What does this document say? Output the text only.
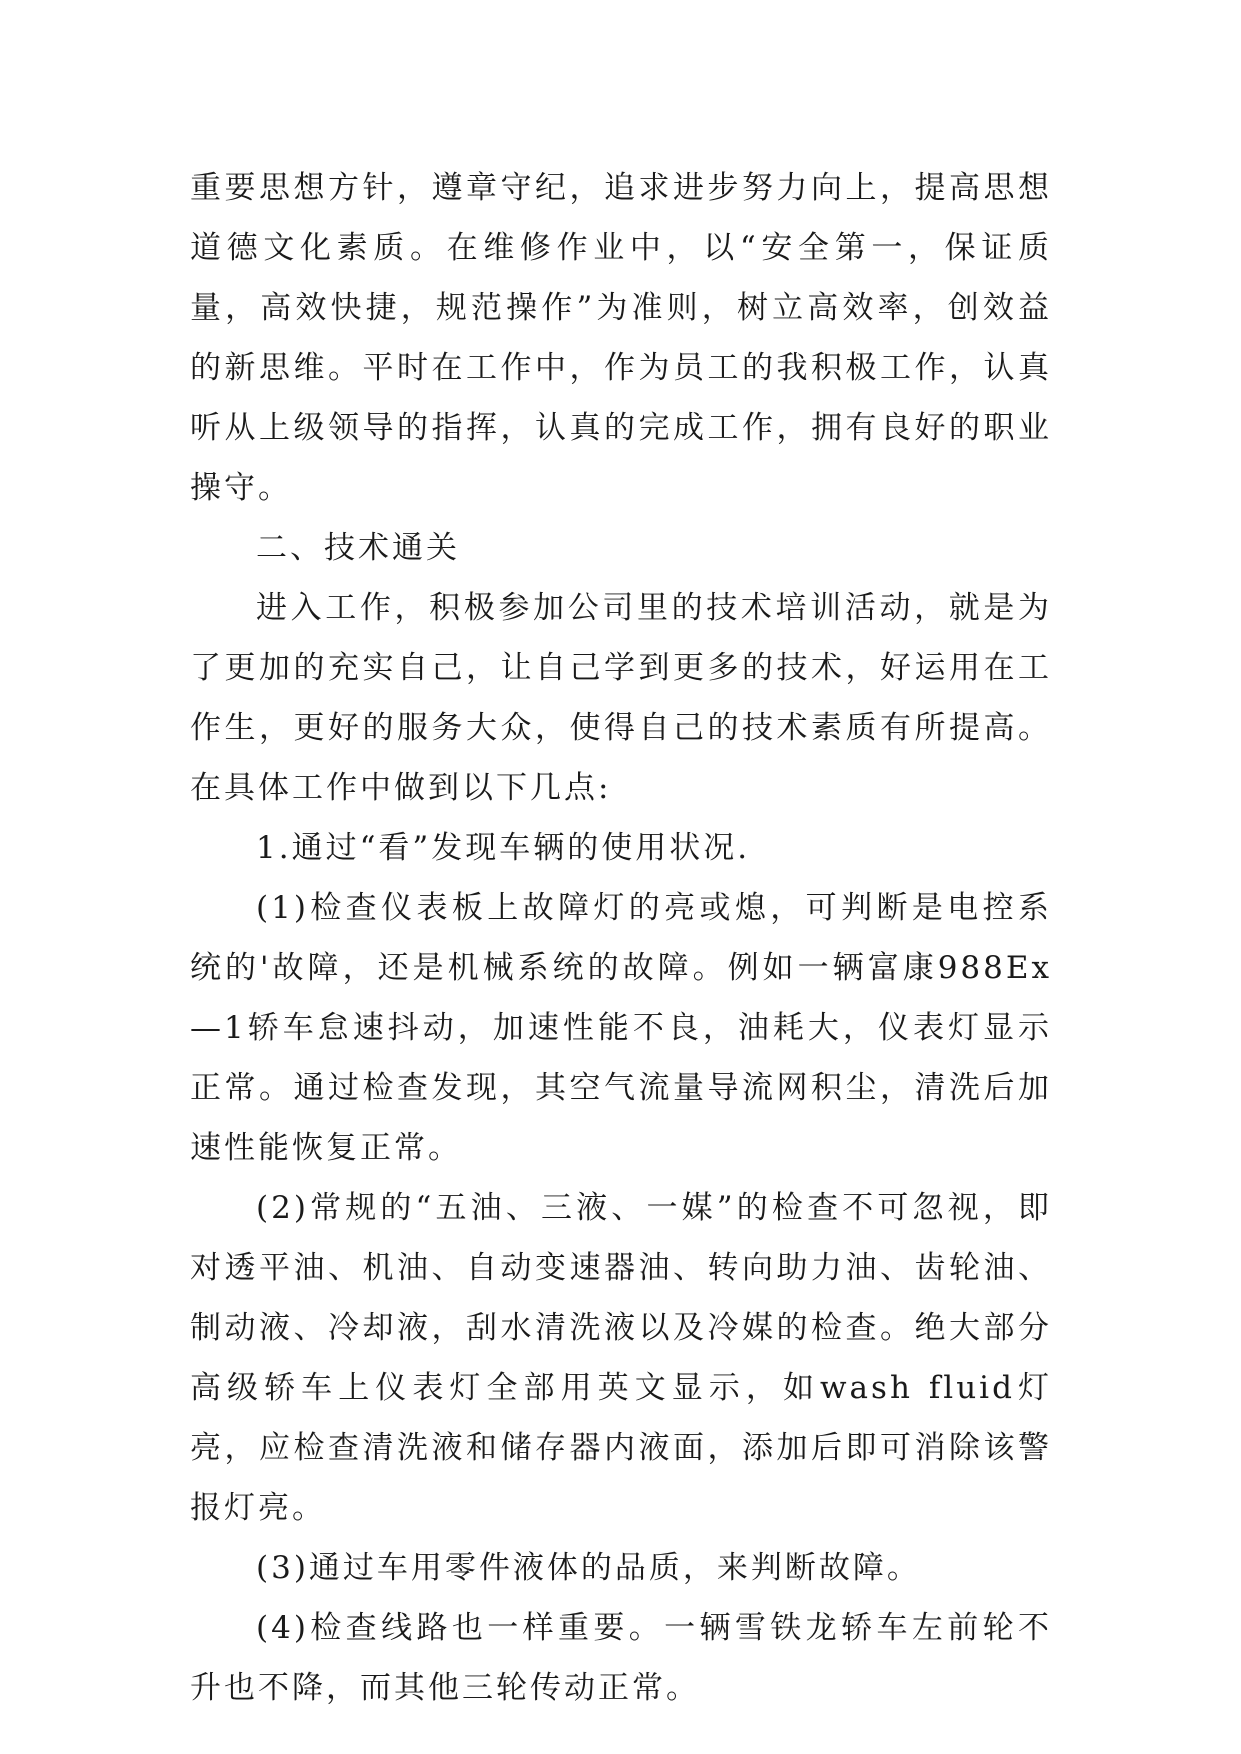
重要思想方针，遵章守纪，追求进步努力向上，提高思想道德文化素质。在维修作业中，以“安全第一，保证质量，高效快捷，规范操作”为准则，树立高效率，创效益的新思维。平时在工作中，作为员工的我积极工作，认真听从上级领导的指挥，认真的完成工作，拥有良好的职业操守。

二、技术通关

进入工作，积极参加公司里的技术培训活动，就是为了更加的充实自己，让自己学到更多的技术，好运用在工作生，更好的服务大众，使得自己的技术素质有所提高。在具体工作中做到以下几点:

1.通过“看”发现车辆的使用状况.

(1)检查仪表板上故障灯的亮或熄，可判断是电控系统的'故障，还是机械系统的故障。例如一辆富康988Ex—1轿车怠速抖动，加速性能不良，油耗大，仪表灯显示正常。通过检查发现，其空气流量导流网积尘，清洗后加速性能恢复正常。

(2)常规的“五油、三液、一媒”的检查不可忽视，即对透平油、机油、自动变速器油、转向助力油、齿轮油、制动液、冷却液，刮水清洗液以及冷媒的检查。绝大部分高级轿车上仪表灯全部用英文显示，如wash fluid灯亮，应检查清洗液和储存器内液面，添加后即可消除该警报灯亮。

(3)通过车用零件液体的品质，来判断故障。

(4)检查线路也一样重要。一辆雪铁龙轿车左前轮不升也不降，而其他三轮传动正常。
